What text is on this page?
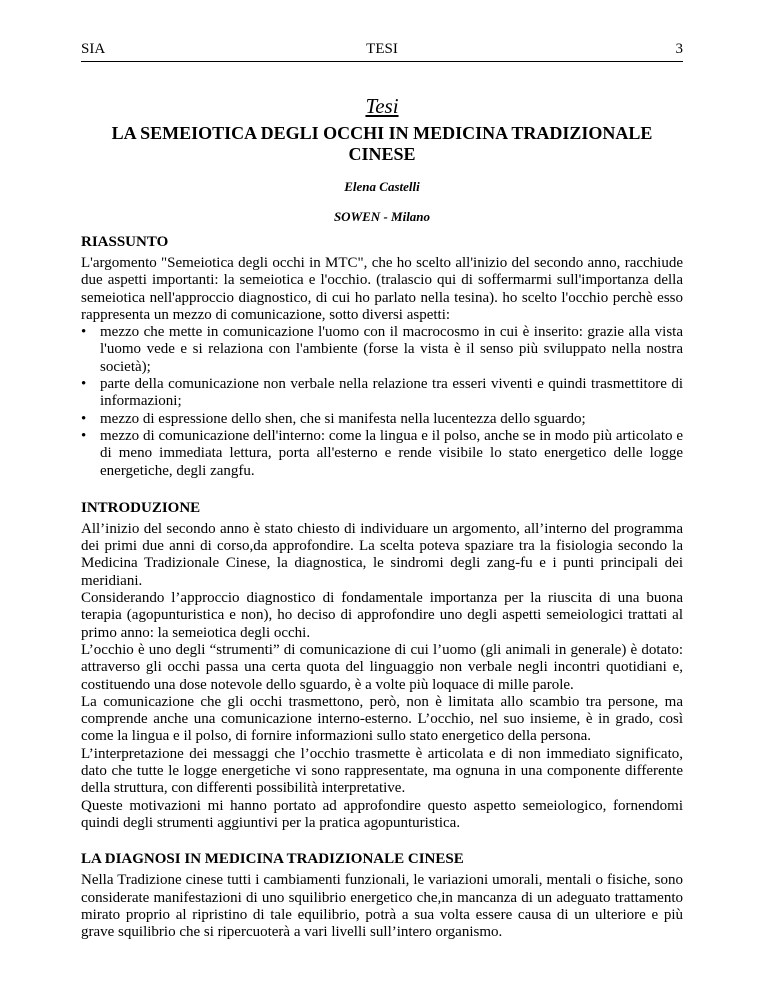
SIA	TESI	3
Tesi
LA SEMEIOTICA DEGLI OCCHI IN MEDICINA TRADIZIONALE CINESE
Elena Castelli
SOWEN - Milano
RIASSUNTO

L'argomento "Semeiotica degli occhi in MTC", che ho scelto all'inizio del secondo anno, racchiude due aspetti importanti: la semeiotica e l'occhio. (tralascio qui di soffermarmi sull'importanza della semeiotica nell'approccio diagnostico, di cui ho parlato nella tesina). ho scelto l'occhio perchè esso rappresenta un mezzo di comunicazione, sotto diversi aspetti:

• mezzo che mette in comunicazione l'uomo con il macrocosmo in cui è inserito: grazie alla vista l'uomo vede e si relaziona con l'ambiente (forse la vista è il senso più sviluppato nella nostra società);
• parte della comunicazione non verbale nella relazione tra esseri viventi e quindi trasmettitore di informazioni;
• mezzo di espressione dello shen, che si manifesta nella lucentezza dello sguardo;
• mezzo di comunicazione dell'interno: come la lingua e il polso, anche se in modo più articolato e di meno immediata lettura, porta all'esterno e rende visibile lo stato energetico delle logge energetiche, degli zangfu.
INTRODUZIONE

All’inizio del secondo anno è stato chiesto di individuare un argomento, all’interno del programma dei primi due anni di corso,da approfondire. La scelta poteva spaziare tra la fisiologia secondo la Medicina Tradizionale Cinese, la diagnostica, le sindromi degli zang-fu e i punti principali dei meridiani.

Considerando l’approccio diagnostico di fondamentale importanza per la riuscita di una buona terapia (agopunturistica e non), ho deciso di approfondire uno degli aspetti semeiologici trattati al primo anno: la semeiotica degli occhi.

L’occhio è uno degli “strumenti” di comunicazione di cui l’uomo (gli animali in generale) è dotato: attraverso gli occhi passa una certa quota del linguaggio non verbale negli incontri quotidiani e, costituendo una dose notevole dello sguardo, è a volte più loquace di mille parole.

La comunicazione che gli occhi trasmettono, però, non è limitata allo scambio tra persone, ma comprende anche una comunicazione interno-esterno. L’occhio, nel suo insieme, è in grado, così come la lingua e il polso, di fornire informazioni sullo stato energetico della persona.

L’interpretazione dei messaggi che l’occhio trasmette è articolata e di non immediato significato, dato che tutte le logge energetiche vi sono rappresentate, ma ognuna in una componente differente della struttura, con differenti possibilità interpretative.

Queste motivazioni mi hanno portato ad approfondire questo aspetto semeiologico, fornendomi quindi degli strumenti aggiuntivi per la pratica agopunturistica.

LA DIAGNOSI IN MEDICINA TRADIZIONALE CINESE

Nella Tradizione cinese tutti i cambiamenti funzionali, le variazioni umorali, mentali o fisiche, sono considerate manifestazioni di uno squilibrio energetico che,in mancanza di un adeguato trattamento mirato proprio al ripristino di tale equilibrio, potrà a sua volta essere causa di un ulteriore e più grave squilibrio che si ripercuoterà a vari livelli sull’intero organismo.
